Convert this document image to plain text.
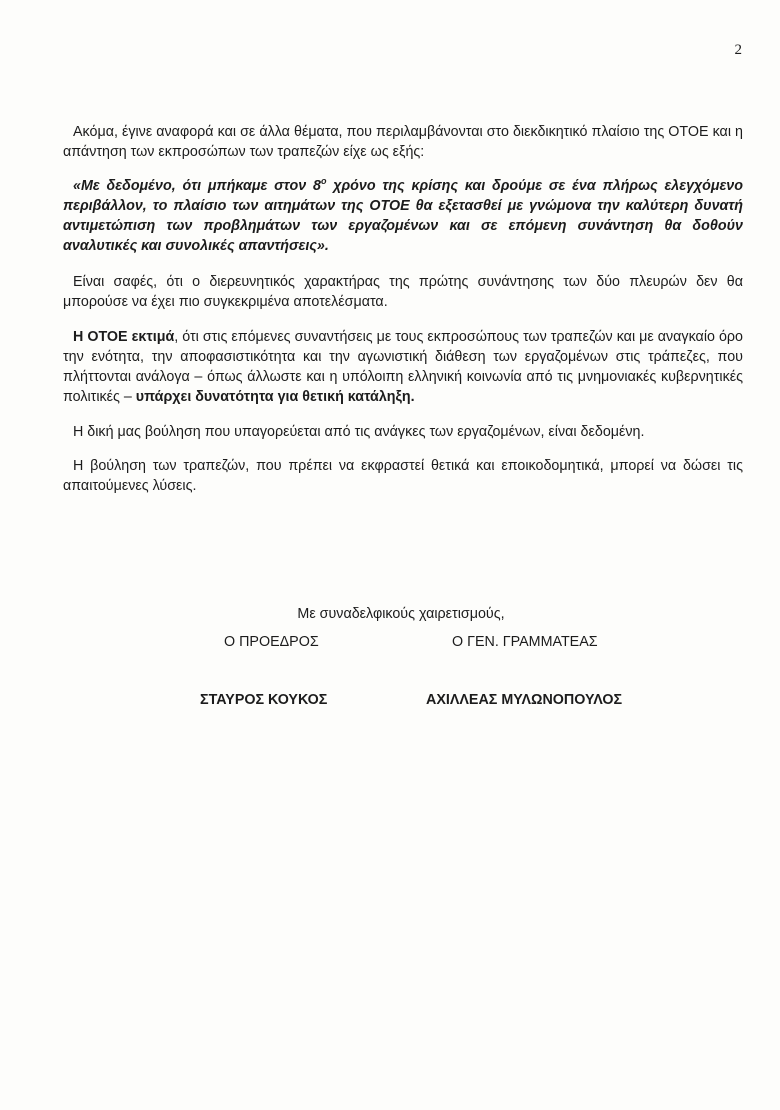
2

Ακόμα, έγινε αναφορά και σε άλλα θέματα, που περιλαμβάνονται στο διεκδικητικό πλαίσιο της ΟΤΟΕ και η απάντηση των εκπροσώπων των τραπεζών είχε ως εξής:

«Με δεδομένο, ότι μπήκαμε στον $8^o$ χρόνο της κρίσης και δρούμε σε ένα πλήρως ελεγχόμενο περιβάλλον, το πλαίσιο των αιτημάτων της ΟΤΟΕ θα εξετασθεί με γνώμονα την καλύτερη δυνατή αντιμετώπιση των προβλημάτων των εργαζομένων και σε επόμενη συνάντηση θα δοθούν αναλυτικές και συνολικές απαντήσεις».

Είναι σαφές, ότι ο διερευνητικός χαρακτήρας της πρώτης συνάντησης των δύο πλευρών δεν θα μπορούσε να έχει πιο συγκεκριμένα αποτελέσματα.

Η ΟΤΟΕ εκτιμά, ότι στις επόμενες συναντήσεις με τους εκπροσώπους των τραπεζών και με αναγκαίο όρο την ενότητα, την αποφασιστικότητα και την αγωνιστική διάθεση των εργαζομένων στις τράπεζες, που πλήττονται ανάλογα – όπως άλλωστε και η υπόλοιπη ελληνική κοινωνία από τις μνημονιακές κυβερνητικές πολιτικές – υπάρχει δυνατότητα για θετική κατάληξη.

Η δική μας βούληση που υπαγορεύεται από τις ανάγκες των εργαζομένων, είναι δεδομένη.

Η βούληση των τραπεζών, που πρέπει να εκφραστεί θετικά και εποικοδομητικά, μπορεί να δώσει τις απαιτούμενες λύσεις.

Με συναδελφικούς χαιρετισμούς,
Ο ΠΡΟΕΔΡΟΣ	Ο ΓΕΝ. ΓΡΑΜΜΑΤΕΑΣ
ΣΤΑΥΡΟΣ ΚΟΥΚΟΣ	ΑΧΙΛΛΕΑΣ ΜΥΛΩΝΟΠΟΥΛΟΣ
